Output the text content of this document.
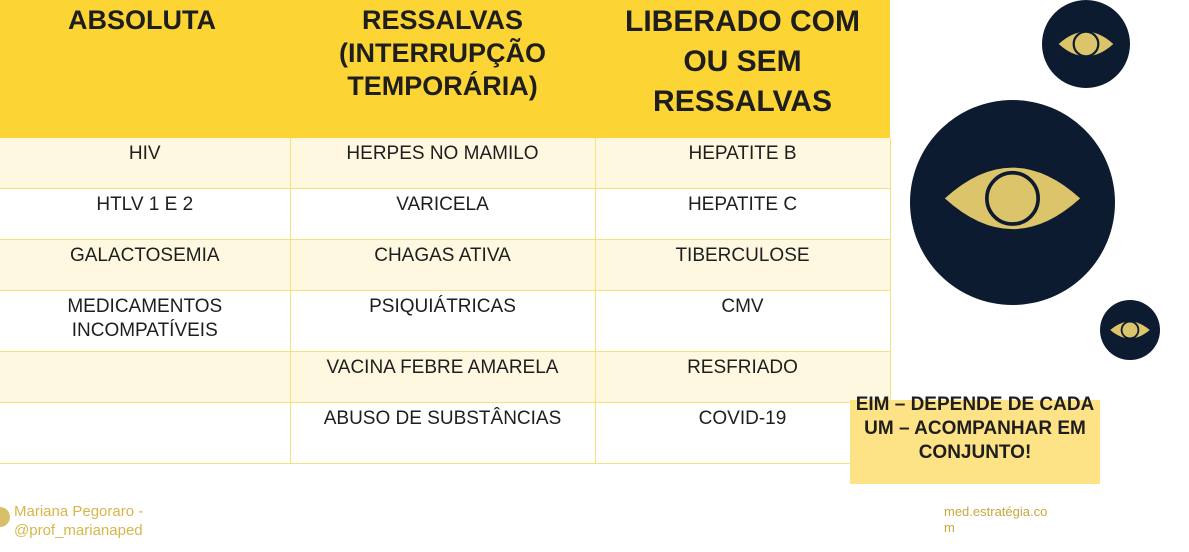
ABSOLUTA	RESSALVAS (INTERRUPÇÃO TEMPORÁRIA)	LIBERADO COM OU SEM RESSALVAS
HIV	HERPES NO MAMILO	HEPATITE B
HTLV 1 E 2	VARICELA	HEPATITE C
GALACTOSEMIA	CHAGAS ATIVA	TIBERCULOSE
MEDICAMENTOS INCOMPATÍVEIS	PSIQUIÁTRICAS	CMV
	VACINA FEBRE AMARELA	RESFRIADO
	ABUSO DE SUBSTÂNCIAS	COVID-19
EIM – DEPENDE DE CADA UM – ACOMPANHAR EM CONJUNTO!
Mariana Pegoraro -
@prof_marianaped
med.estratégia.com
